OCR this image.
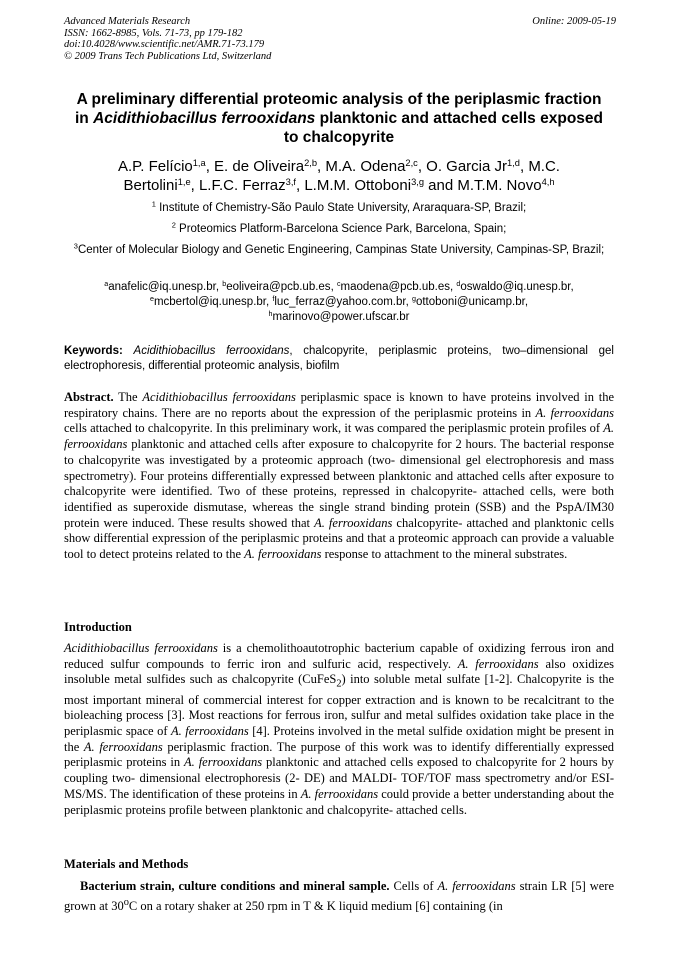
Advanced Materials Research
ISSN: 1662-8985, Vols. 71-73, pp 179-182
doi:10.4028/www.scientific.net/AMR.71-73.179
© 2009 Trans Tech Publications Ltd, Switzerland
Online: 2009-05-19
A preliminary differential proteomic analysis of the periplasmic fraction
in Acidithiobacillus ferrooxidans planktonic and attached cells exposed
to chalcopyrite
A.P. Felício$^{1,a}$, E. de Oliveira$^{2,b}$, M.A. Odena$^{2,c}$, O. Garcia Jr$^{1,d}$, M.C.
Bertolini$^{1,e}$, L.F.C. Ferraz$^{3,f}$, L.M.M. Ottoboni$^{3,g}$ and M.T.M. Novo$^{4,h}$
$^1$ Institute of Chemistry-São Paulo State University, Araraquara-SP, Brazil;
$^2$ Proteomics Platform-Barcelona Science Park, Barcelona, Spain;
$^3$Center of Molecular Biology and Genetic Engineering, Campinas State University, Campinas-SP, Brazil;
$^a$anafelic@iq.unesp.br, $^b$eoliveira@pcb.ub.es, $^c$maodena@pcb.ub.es, $^d$oswaldo@iq.unesp.br,
$^e$mcbertol@iq.unesp.br, $^f$luc_ferraz@yahoo.com.br, $^g$ottoboni@unicamp.br,
$^h$marinovo@power.ufscar.br
Keywords: Acidithiobacillus ferrooxidans, chalcopyrite, periplasmic proteins, two–dimensional gel electrophoresis, differential proteomic analysis, biofilm
Abstract. The Acidithiobacillus ferrooxidans periplasmic space is known to have proteins involved in the respiratory chains. There are no reports about the expression of the periplasmic proteins in A. ferrooxidans cells attached to chalcopyrite. In this preliminary work, it was compared the periplasmic protein profiles of A. ferrooxidans planktonic and attached cells after exposure to chalcopyrite for 2 hours. The bacterial response to chalcopyrite was investigated by a proteomic approach (two- dimensional gel electrophoresis and mass spectrometry). Four proteins differentially expressed between planktonic and attached cells after exposure to chalcopyrite were identified. Two of these proteins, repressed in chalcopyrite- attached cells, were both identified as superoxide dismutase, whereas the single strand binding protein (SSB) and the PspA/IM30 protein were induced. These results showed that A. ferrooxidans chalcopyrite- attached and planktonic cells show differential expression of the periplasmic proteins and that a proteomic approach can provide a valuable tool to detect proteins related to the A. ferrooxidans response to attachment to the mineral substrates.
Introduction
Acidithiobacillus ferrooxidans is a chemolithoautotrophic bacterium capable of oxidizing ferrous iron and reduced sulfur compounds to ferric iron and sulfuric acid, respectively. A. ferrooxidans also oxidizes insoluble metal sulfides such as chalcopyrite (CuFeS$_2$) into soluble metal sulfate [1-2]. Chalcopyrite is the most important mineral of commercial interest for copper extraction and is known to be recalcitrant to the bioleaching process [3]. Most reactions for ferrous iron, sulfur and metal sulfides oxidation take place in the periplasmic space of A. ferrooxidans [4]. Proteins involved in the metal sulfide oxidation might be present in the A. ferrooxidans periplasmic fraction. The purpose of this work was to identify differentially expressed periplasmic proteins in A. ferrooxidans planktonic and attached cells exposed to chalcopyrite for 2 hours by coupling two- dimensional electrophoresis (2- DE) and MALDI- TOF/TOF mass spectrometry and/or ESI- MS/MS. The identification of these proteins in A. ferrooxidans could provide a better understanding about the periplasmic proteins profile between planktonic and chalcopyrite- attached cells.
Materials and Methods
Bacterium strain, culture conditions and mineral sample. Cells of A. ferrooxidans strain LR [5] were grown at 30$^o$C on a rotary shaker at 250 rpm in T & K liquid medium [6] containing (in
